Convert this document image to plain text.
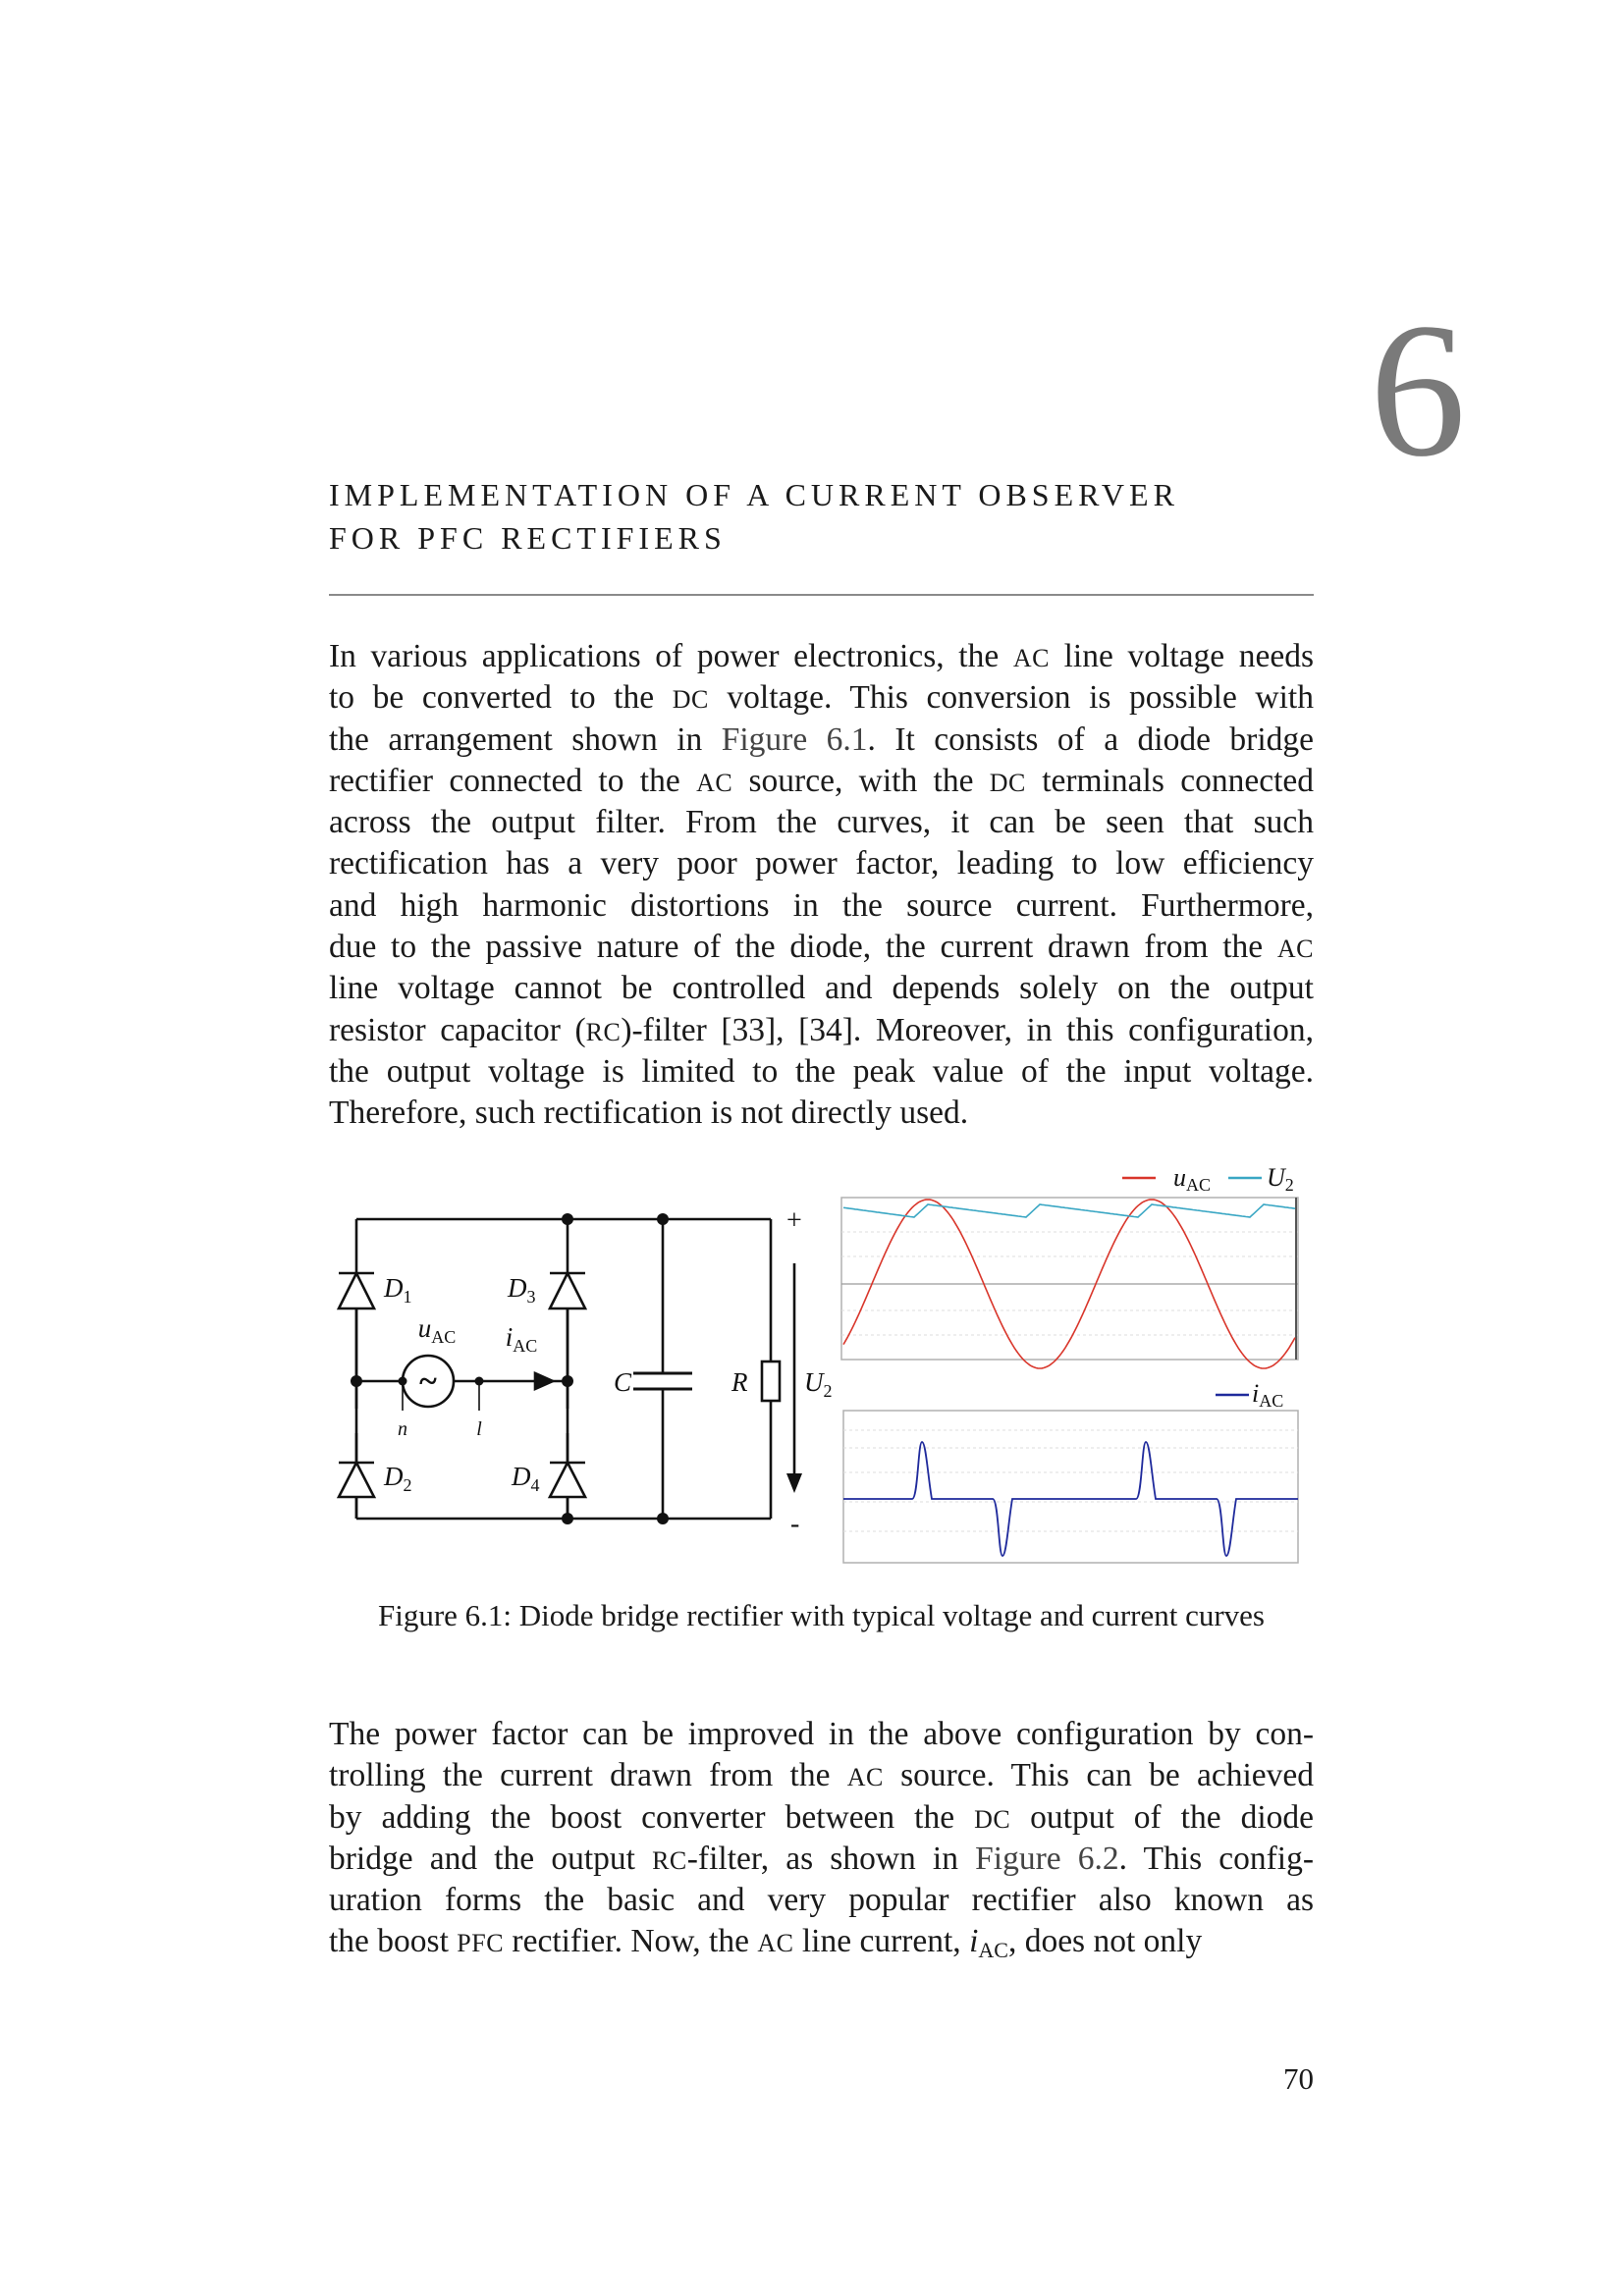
6
IMPLEMENTATION OF A CURRENT OBSERVER
FOR PFC RECTIFIERS
In various applications of power electronics, the AC line voltage needs
to be converted to the DC voltage. This conversion is possible with
the arrangement shown in Figure 6.1. It consists of a diode bridge
rectifier connected to the AC source, with the DC terminals connected
across the output filter. From the curves, it can be seen that such
rectification has a very poor power factor, leading to low efficiency
and high harmonic distortions in the source current. Furthermore,
due to the passive nature of the diode, the current drawn from the AC
line voltage cannot be controlled and depends solely on the output
resistor capacitor (RC)-filter [33], [34]. Moreover, in this configuration,
the output voltage is limited to the peak value of the input voltage.
Therefore, such rectification is not directly used.
$D_1$
$D_2$
$D_3$
$D_4$
$u_{AC}$ $i_{AC}$
n	l
C	R $U_2$
~
+
-
uAC U2
iAC
Figure 6.1: Diode bridge rectifier with typical voltage and current curves
The power factor can be improved in the above configuration by con-
trolling the current drawn from the AC source. This can be achieved
by adding the boost converter between the DC output of the diode
bridge and the output RC-filter, as shown in Figure 6.2. This config-
uration forms the basic and very popular rectifier also known as
the boost PFC rectifier. Now, the AC line current, iAC, does not only
70
